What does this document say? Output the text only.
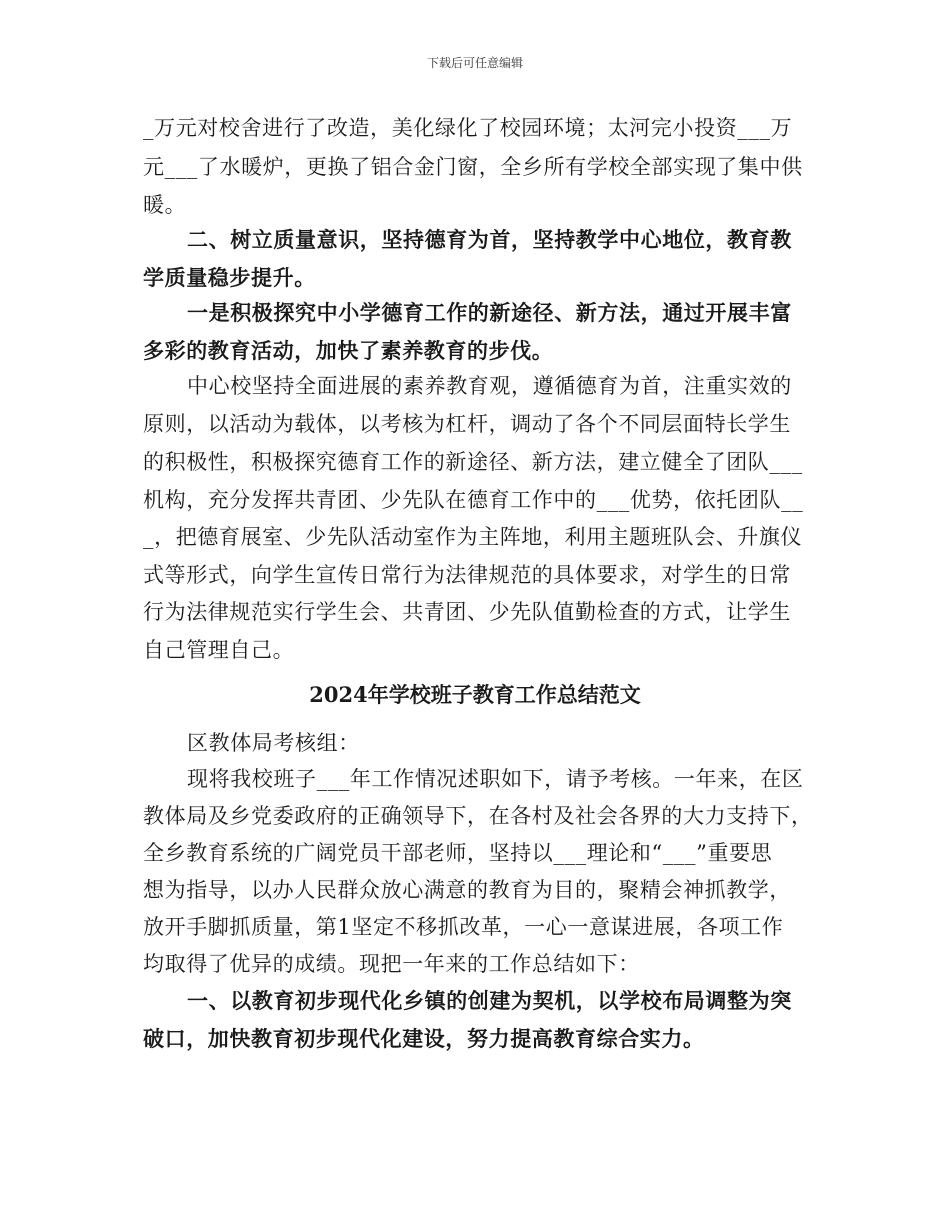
下载后可任意编辑
_万元对校舍进行了改造，美化绿化了校园环境；太河完小投资___万
元___了水暖炉，更换了铝合金门窗，全乡所有学校全部实现了集中供
暖。
二、树立质量意识，坚持德育为首，坚持教学中心地位，教育教
学质量稳步提升。
一是积极探究中小学德育工作的新途径、新方法，通过开展丰富
多彩的教育活动，加快了素养教育的步伐。
中心校坚持全面进展的素养教育观，遵循德育为首，注重实效的
原则，以活动为载体，以考核为杠杆，调动了各个不同层面特长学生
的积极性，积极探究德育工作的新途径、新方法，建立健全了团队___
机构，充分发挥共青团、少先队在德育工作中的___优势，依托团队__
_，把德育展室、少先队活动室作为主阵地，利用主题班队会、升旗仪
式等形式，向学生宣传日常行为法律规范的具体要求，对学生的日常
行为法律规范实行学生会、共青团、少先队值勤检查的方式，让学生
自己管理自己。
2024年学校班子教育工作总结范文
区教体局考核组：
现将我校班子___年工作情况述职如下，请予考核。一年来，在区
教体局及乡党委政府的正确领导下，在各村及社会各界的大力支持下，
全乡教育系统的广阔党员干部老师，坚持以___理论和“___”重要思
想为指导，以办人民群众放心满意的教育为目的，聚精会神抓教学，
放开手脚抓质量，第1坚定不移抓改革，一心一意谋进展，各项工作
均取得了优异的成绩。现把一年来的工作总结如下：
一、以教育初步现代化乡镇的创建为契机，以学校布局调整为突
破口，加快教育初步现代化建设，努力提高教育综合实力。
